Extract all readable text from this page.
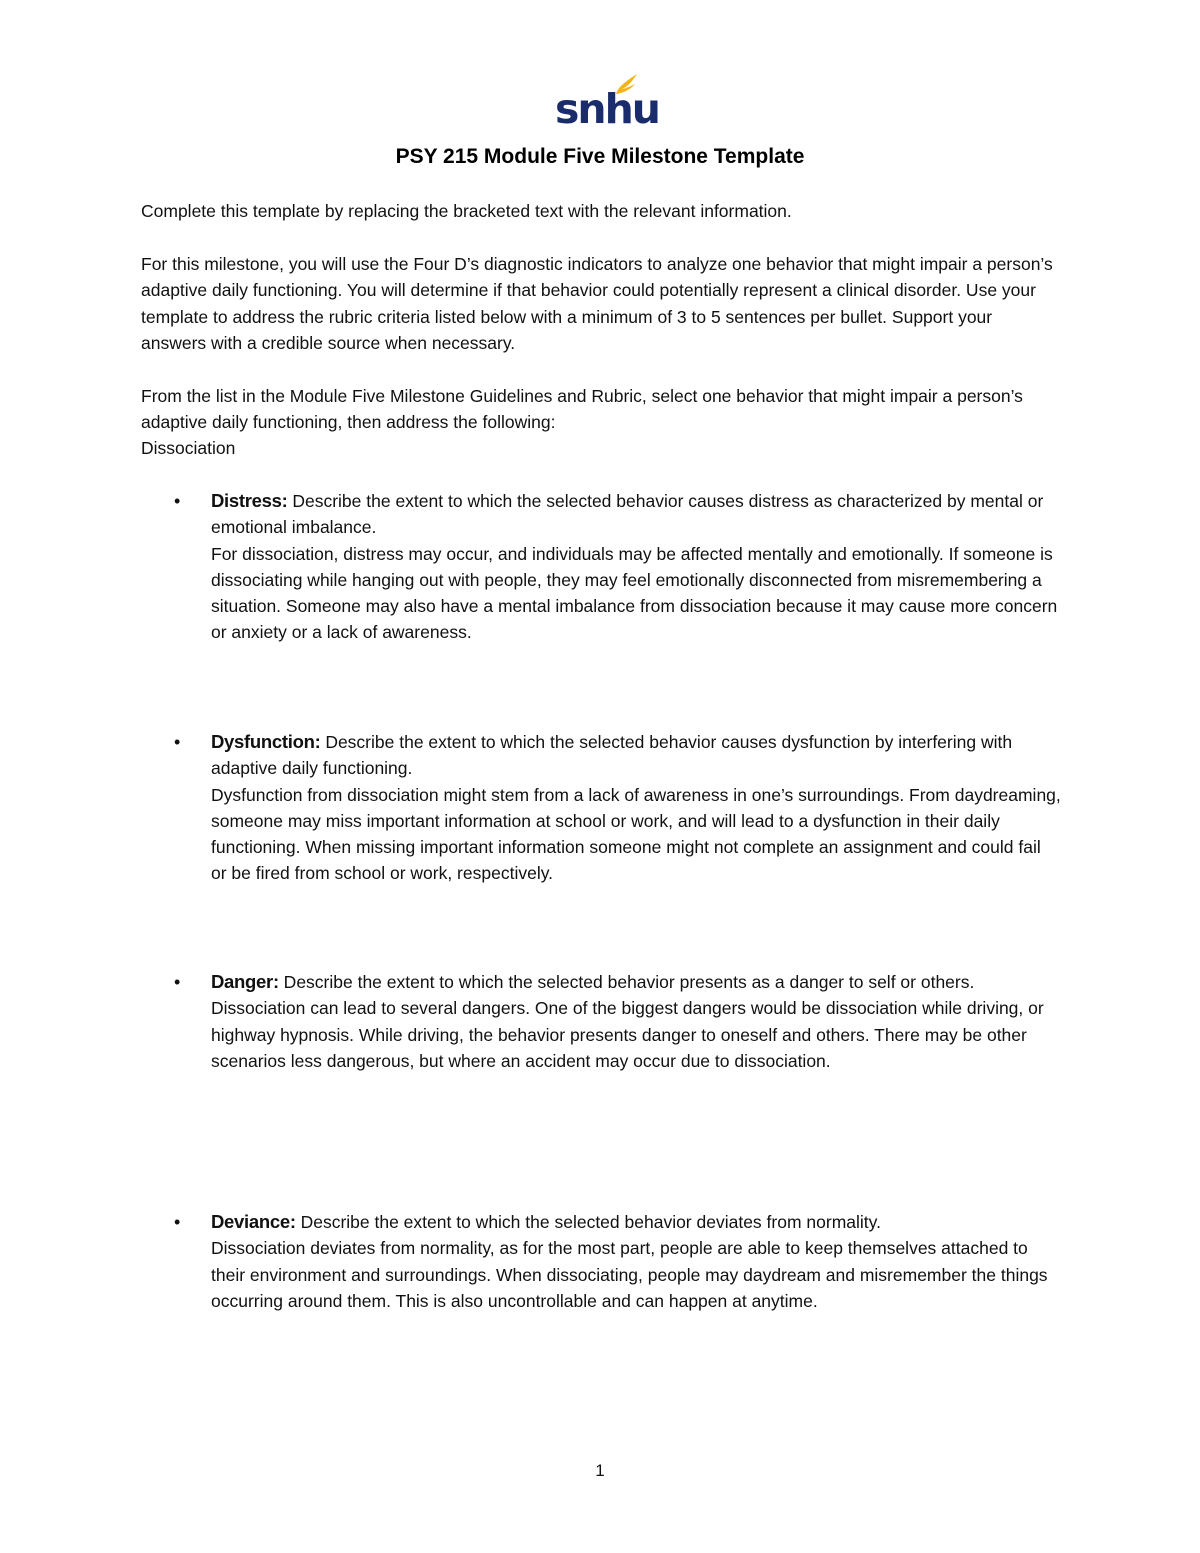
snhu
PSY 215 Module Five Milestone Template

Complete this template by replacing the bracketed text with the relevant information.

For this milestone, you will use the Four D’s diagnostic indicators to analyze one behavior that might impair a person’s adaptive daily functioning. You will determine if that behavior could potentially represent a clinical disorder. Use your template to address the rubric criteria listed below with a minimum of 3 to 5 sentences per bullet. Support your answers with a credible source when necessary.

From the list in the Module Five Milestone Guidelines and Rubric, select one behavior that might impair a person’s adaptive daily functioning, then address the following:

Dissociation

• Distress: Describe the extent to which the selected behavior causes distress as characterized by mental or emotional imbalance.
For dissociation, distress may occur, and individuals may be affected mentally and emotionally. If someone is dissociating while hanging out with people, they may feel emotionally disconnected from misremembering a situation. Someone may also have a mental imbalance from dissociation because it may cause more concern or anxiety or a lack of awareness.
• Dysfunction: Describe the extent to which the selected behavior causes dysfunction by interfering with adaptive daily functioning.
Dysfunction from dissociation might stem from a lack of awareness in one’s surroundings. From daydreaming, someone may miss important information at school or work, and will lead to a dysfunction in their daily functioning. When missing important information someone might not complete an assignment and could fail or be fired from school or work, respectively.
• Danger: Describe the extent to which the selected behavior presents as a danger to self or others.
Dissociation can lead to several dangers. One of the biggest dangers would be dissociation while driving, or highway hypnosis. While driving, the behavior presents danger to oneself and others. There may be other scenarios less dangerous, but where an accident may occur due to dissociation.
• Deviance: Describe the extent to which the selected behavior deviates from normality.
Dissociation deviates from normality, as for the most part, people are able to keep themselves attached to their environment and surroundings. When dissociating, people may daydream and misremember the things occurring around them. This is also uncontrollable and can happen at anytime.
1
